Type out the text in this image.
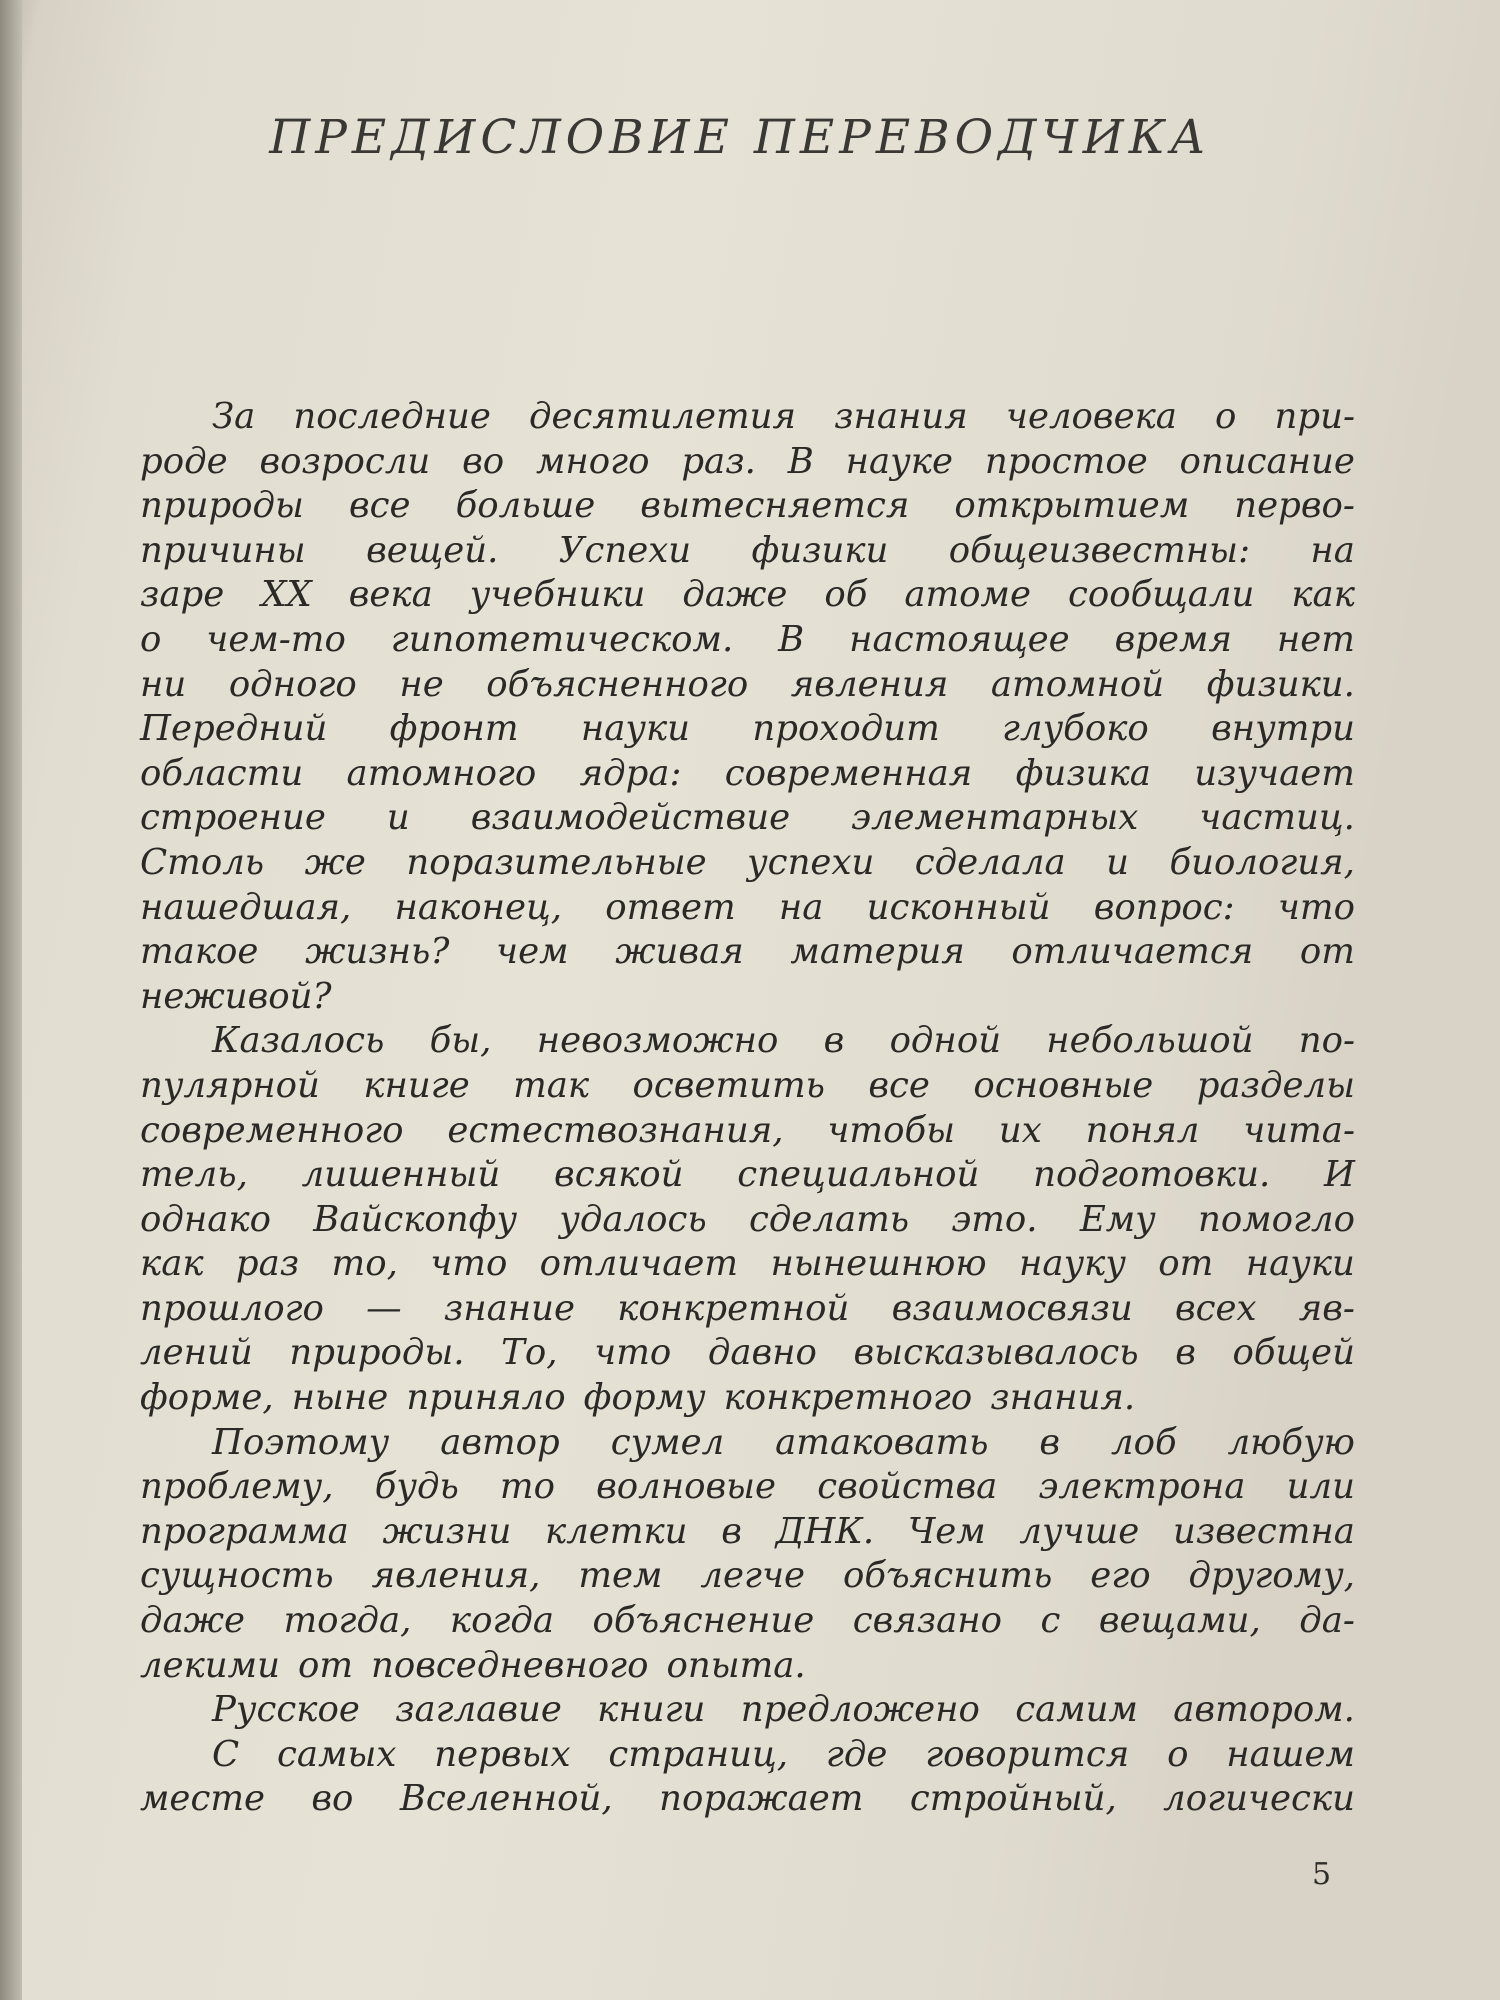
ПРЕДИСЛОВИЕ ПЕРЕВОДЧИКА
За последние десятилетия знания человека о при-
роде возросли во много раз. В науке простое описание
природы все больше вытесняется открытием перво-
причины вещей. Успехи физики общеизвестны: на
заре XX века учебники даже об атоме сообщали как
о чем-то гипотетическом. В настоящее время нет
ни одного не объясненного явления атомной физики.
Передний фронт науки проходит глубоко внутри
области атомного ядра: современная физика изучает
строение и взаимодействие элементарных частиц.
Столь же поразительные успехи сделала и биология,
нашедшая, наконец, ответ на исконный вопрос: что
такое жизнь? чем живая материя отличается от
неживой?
Казалось бы, невозможно в одной небольшой по-
пулярной книге так осветить все основные разделы
современного естествознания, чтобы их понял чита-
тель, лишенный всякой специальной подготовки. И
однако Вайскопфу удалось сделать это. Ему помогло
как раз то, что отличает нынешнюю науку от науки
прошлого — знание конкретной взаимосвязи всех яв-
лений природы. То, что давно высказывалось в общей
форме, ныне приняло форму конкретного знания.
Поэтому автор сумел атаковать в лоб любую
проблему, будь то волновые свойства электрона или
программа жизни клетки в ДНК. Чем лучше известна
сущность явления, тем легче объяснить его другому,
даже тогда, когда объяснение связано с вещами, да-
лекими от повседневного опыта.
Русское заглавие книги предложено самим автором.
С самых первых страниц, где говорится о нашем
месте во Вселенной, поражает стройный, логически
5
